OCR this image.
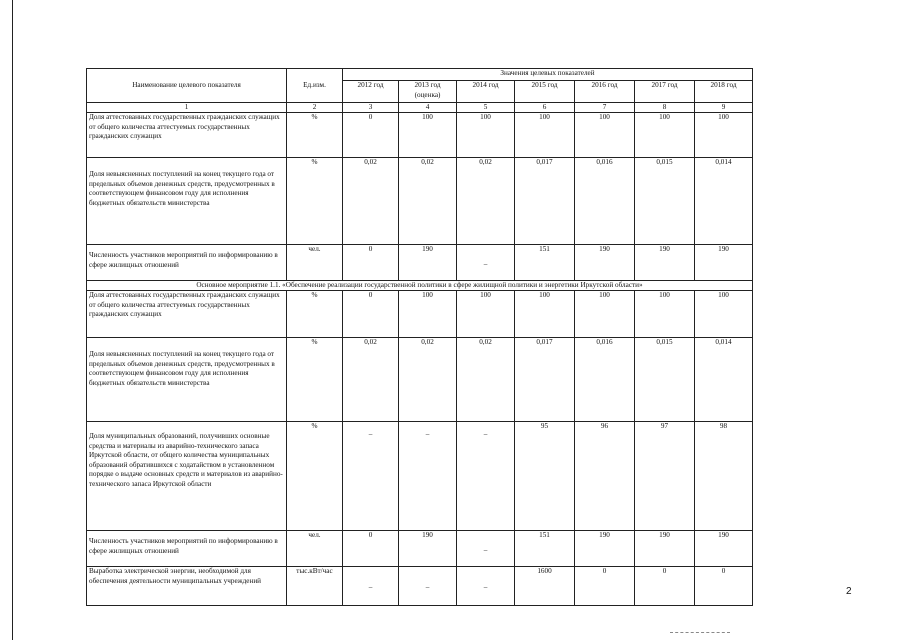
Наименование целевого показателя	Ед.изм.	Значения целевых показателей						
		2012 год	2013 год (оценка)	2014 год	2015 год	2016 год	2017 год	2018 год
1	2	3	4	5	6	7	8	9
Доля аттестованных государственных гражданских служащих от общего количества аттестуемых государственных гражданских служащих	%	0	100	100	100	100	100	100
Доля невыясненных поступлений на конец текущего года от предельных объемов денежных средств, предусмотренных в соответствующем финансовом году для исполнения бюджетных обязательств министерства	%	0,02	0,02	0,02	0,017	0,016	0,015	0,014
Численность участников мероприятий по информированию в сфере жилищных отношений	чел.	0	190	_	151	190	190	190
Основное мероприятие 1.1. «Обеспечение реализации государственной политики в сфере жилищной политики и энергетики Иркутской области»								
Доля аттестованных государственных гражданских служащих от общего количества аттестуемых государственных гражданских служащих	%	0	100	100	100	100	100	100
Доля невыясненных поступлений на конец текущего года от предельных объемов денежных средств, предусмотренных в соответствующем финансовом году для исполнения бюджетных обязательств министерства	%	0,02	0,02	0,02	0,017	0,016	0,015	0,014
Доля муниципальных образований, получивших основные средства и материалы из аварийно-технического запаса Иркутской области, от общего количества муниципальных образований обратившихся с ходатайством в установленном порядке о выдаче основных средств и материалов из аварийно-технического запаса Иркутской области	%	_	_	_	95	96	97	98
Численность участников мероприятий по информированию в сфере жилищных отношений	чел.	0	190	_	151	190	190	190
Выработка электрической энергии, необходимой для обеспечения деятельности муниципальных учреждений	тыс.кВт/час	_	_	_	1600	0	0	0
2
